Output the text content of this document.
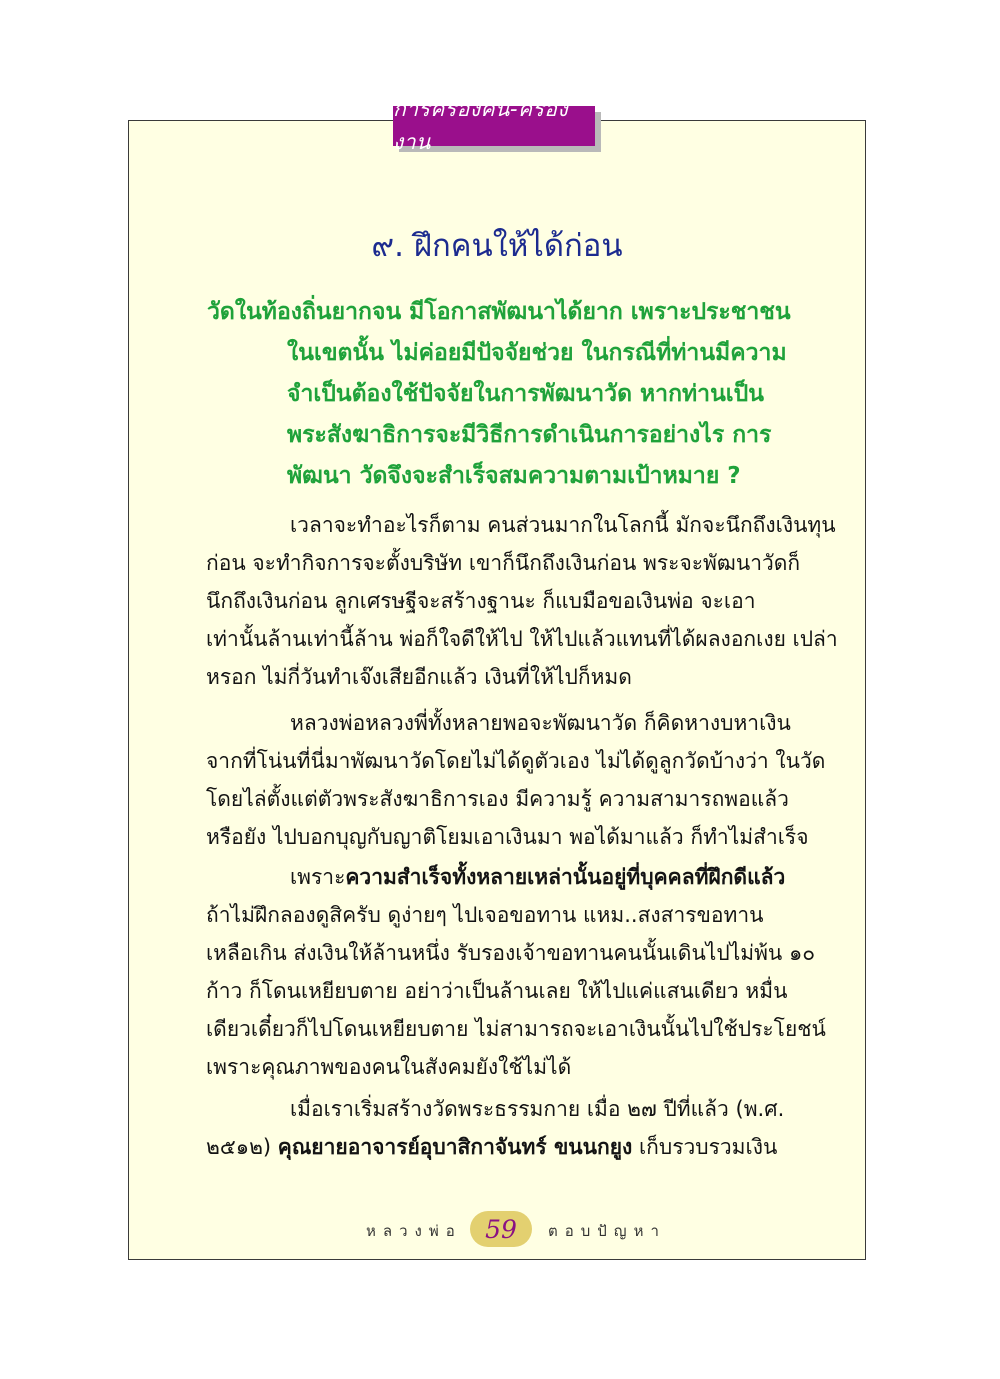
การครองคน-ครองงาน
๙. ฝึกคนให้ได้ก่อน
วัดในท้องถิ่นยากจน มีโอกาสพัฒนาได้ยาก เพราะประชาชน
ในเขตนั้น ไม่ค่อยมีปัจจัยช่วย ในกรณีที่ท่านมีความ
จำเป็นต้องใช้ปัจจัยในการพัฒนาวัด หากท่านเป็น
พระสังฆาธิการจะมีวิธีการดำเนินการอย่างไร การ
พัฒนา วัดจึงจะสำเร็จสมความตามเป้าหมาย ?
เวลาจะทำอะไรก็ตาม คนส่วนมากในโลกนี้ มักจะนึกถึงเงินทุน
ก่อน จะทำกิจการจะตั้งบริษัท เขาก็นึกถึงเงินก่อน พระจะพัฒนาวัดก็
นึกถึงเงินก่อน ลูกเศรษฐีจะสร้างฐานะ ก็แบมือขอเงินพ่อ จะเอา
เท่านั้นล้านเท่านี้ล้าน พ่อก็ใจดีให้ไป ให้ไปแล้วแทนที่ได้ผลงอกเงย เปล่า
หรอก ไม่กี่วันทำเจ๊งเสียอีกแล้ว เงินที่ให้ไปก็หมด
หลวงพ่อหลวงพี่ทั้งหลายพอจะพัฒนาวัด ก็คิดหางบหาเงิน
จากที่โน่นที่นี่มาพัฒนาวัดโดยไม่ได้ดูตัวเอง ไม่ได้ดูลูกวัดบ้างว่า ในวัด
โดยไล่ตั้งแต่ตัวพระสังฆาธิการเอง มีความรู้ ความสามารถพอแล้ว
หรือยัง ไปบอกบุญกับญาติโยมเอาเงินมา พอได้มาแล้ว ก็ทำไม่สำเร็จ
เพราะความสำเร็จทั้งหลายเหล่านั้นอยู่ที่บุคคลที่ฝึกดีแล้ว
ถ้าไม่ฝึกลองดูสิครับ ดูง่ายๆ ไปเจอขอทาน แหม..สงสารขอทาน
เหลือเกิน ส่งเงินให้ล้านหนึ่ง รับรองเจ้าขอทานคนนั้นเดินไปไม่พ้น ๑๐
ก้าว ก็โดนเหยียบตาย อย่าว่าเป็นล้านเลย ให้ไปแค่แสนเดียว หมื่น
เดียวเดี๋ยวก็ไปโดนเหยียบตาย ไม่สามารถจะเอาเงินนั้นไปใช้ประโยชน์
เพราะคุณภาพของคนในสังคมยังใช้ไม่ได้
เมื่อเราเริ่มสร้างวัดพระธรรมกาย เมื่อ ๒๗ ปีที่แล้ว (พ.ศ.
๒๕๑๒) คุณยายอาจารย์อุบาสิกาจันทร์ ขนนกยูง เก็บรวบรวมเงิน
หลวงพ่อ 59 ตอบปัญหา
